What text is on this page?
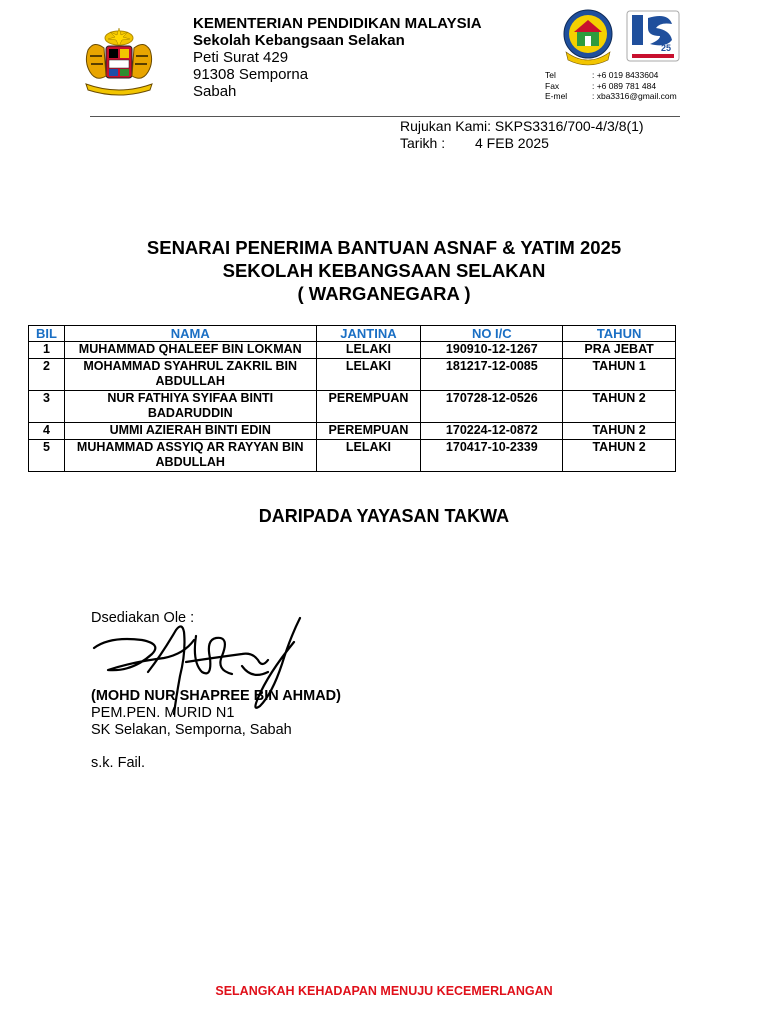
KEMENTERIAN PENDIDIKAN MALAYSIA
Sekolah Kebangsaan Selakan
Peti Surat 429
91308 Semporna
Sabah
25
Tel	: +6 019 8433604
Fax	: +6 089 781 484
E-mel	: xba3316@gmail.com
Rujukan Kami: SKPS3316/700-4/3/8(1)
Tarikh : 4 FEB 2025
SENARAI PENERIMA BANTUAN ASNAF & YATIM 2025
SEKOLAH KEBANGSAAN SELAKAN
( WARGANEGARA )
BIL	NAMA	JANTINA	NO I/C	TAHUN
1	MUHAMMAD QHALEEF BIN LOKMAN	LELAKI	190910-12-1267	PRA JEBAT
2	MOHAMMAD SYAHRUL ZAKRIL BIN ABDULLAH	LELAKI	181217-12-0085	TAHUN 1
3	NUR FATHIYA SYIFAA BINTI BADARUDDIN	PEREMPUAN	170728-12-0526	TAHUN 2
4	UMMI AZIERAH BINTI EDIN	PEREMPUAN	170224-12-0872	TAHUN 2
5	MUHAMMAD ASSYIQ AR RAYYAN BIN ABDULLAH	LELAKI	170417-10-2339	TAHUN 2
DARIPADA YAYASAN TAKWA
Dsediakan Ole :
(MOHD NUR SHAPREE BIN AHMAD)
PEM.PEN. MURID N1
SK Selakan, Semporna, Sabah
s.k. Fail.
SELANGKAH KEHADAPAN MENUJU KECEMERLANGAN
